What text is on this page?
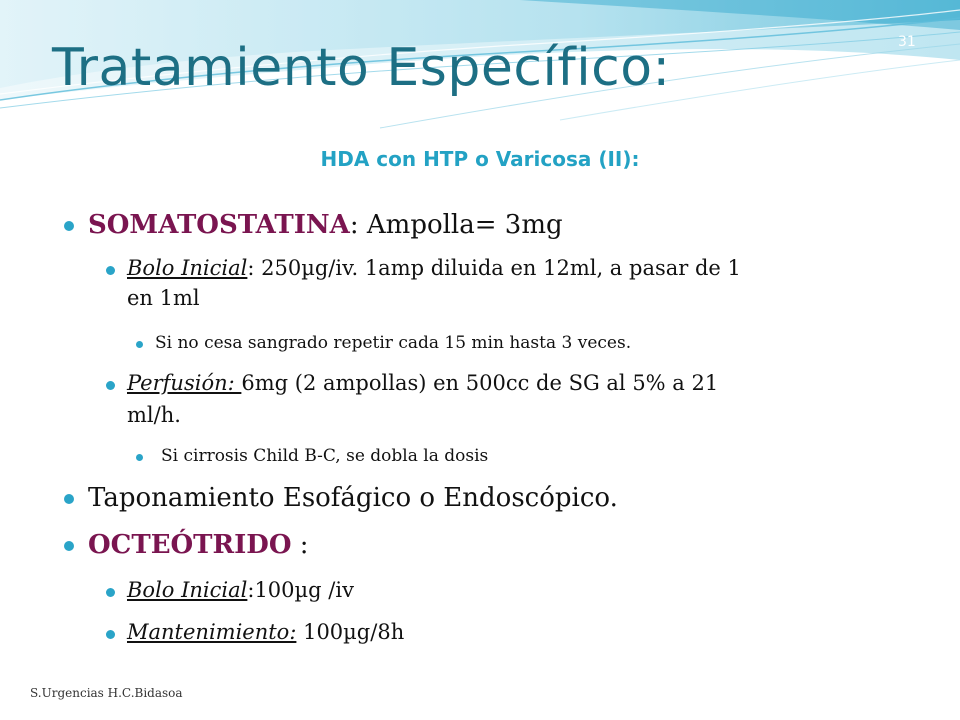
Tratamiento Específico:	31
HDA con HTP o Varicosa (II):
SOMATOSTATINA: Ampolla= 3mg
Bolo Inicial: 250µg/iv. 1amp diluida en 12ml, a pasar de 1
en 1ml
Si no cesa sangrado repetir cada 15 min hasta 3 veces.
Perfusión: 6mg (2 ampollas) en 500cc de SG al 5% a 21
ml/h.
Si cirrosis Child B-C, se dobla la dosis
Taponamiento Esofágico o Endoscópico.
OCTEÓTRIDO :
Bolo Inicial:100µg /iv
Mantenimiento: 100µg/8h
S.Urgencias H.C.Bidasoa
